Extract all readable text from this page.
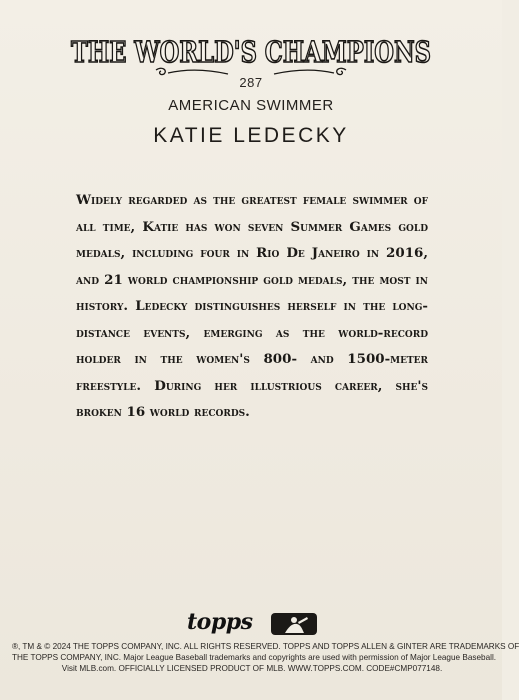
THE WORLD'S CHAMPIONS
287
AMERICAN SWIMMER
KATIE LEDECKY
Widely regarded as the greatest female swimmer of all time, Katie has won seven Summer Games gold medals, including four in Rio De Janeiro in 2016, and 21 world championship gold medals, the most in history. Ledecky distinguishes herself in the long-distance events, emerging as the world-record holder in the women's 800- and 1500-meter freestyle. During her illustrious career, she's broken 16 world records.
topps

®, TM & © 2024 THE TOPPS COMPANY, INC. ALL RIGHTS RESERVED. TOPPS AND TOPPS ALLEN & GINTER ARE TRADEMARKS OF

THE TOPPS COMPANY, INC. Major League Baseball trademarks and copyrights are used with permission of Major League Baseball.

Visit MLB.com. OFFICIALLY LICENSED PRODUCT OF MLB. WWW.TOPPS.COM. CODE#CMP077148.
